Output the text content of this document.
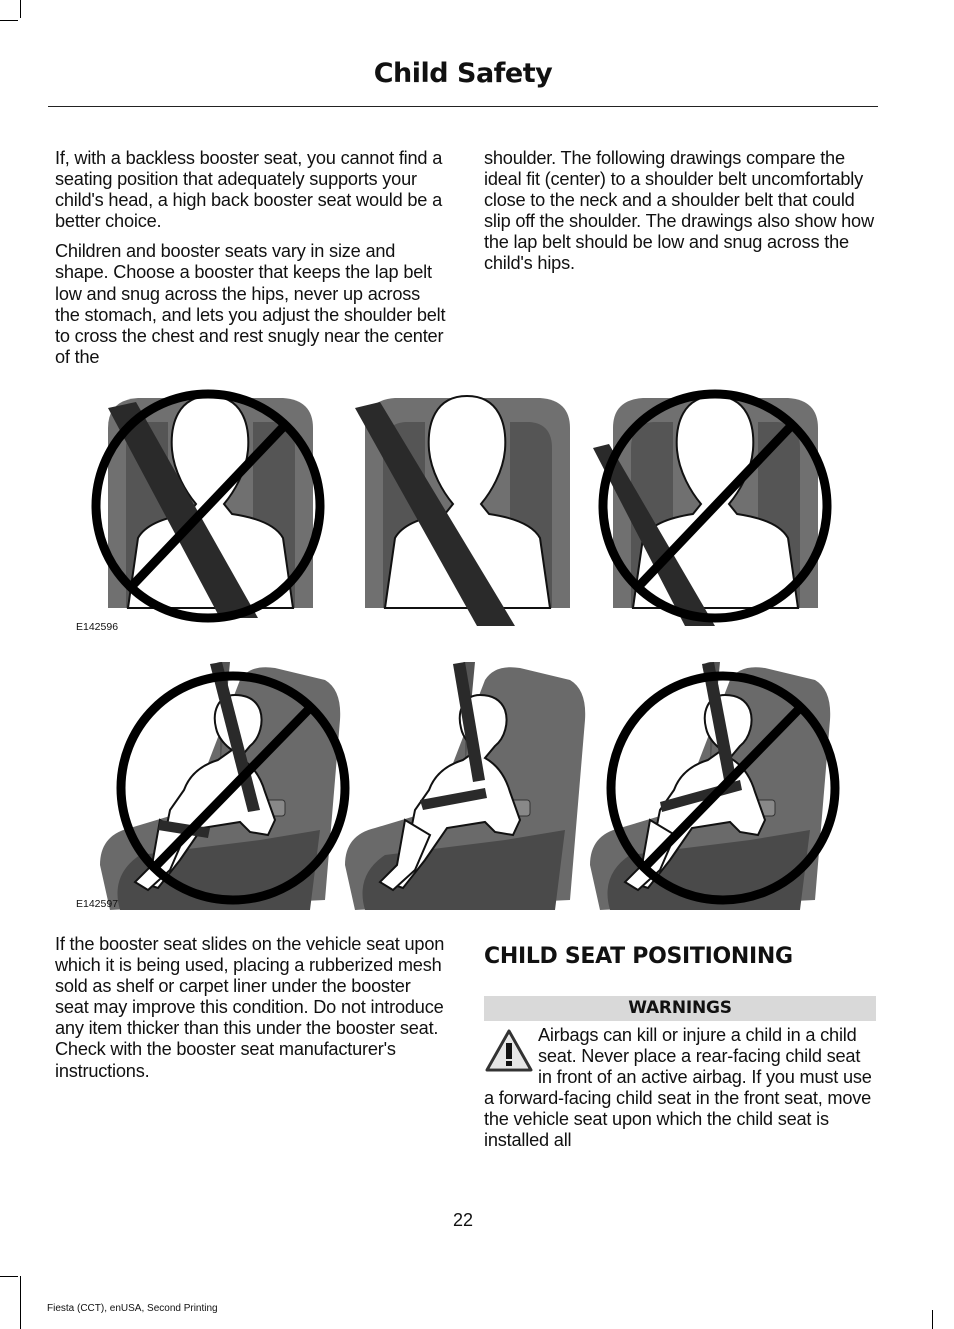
Child Safety

If, with a backless booster seat, you cannot find a seating position that adequately supports your child's head, a high back booster seat would be a better choice.

Children and booster seats vary in size and shape. Choose a booster that keeps the lap belt low and snug across the hips, never up across the stomach, and lets you adjust the shoulder belt to cross the chest and rest snugly near the center of the

shoulder. The following drawings compare the ideal fit (center) to a shoulder belt uncomfortably close to the neck and a shoulder belt that could slip off the shoulder. The drawings also show how the lap belt should be low and snug across the child's hips.

E142596
E142597

If the booster seat slides on the vehicle seat upon which it is being used, placing a rubberized mesh sold as shelf or carpet liner under the booster seat may improve this condition. Do not introduce any item thicker than this under the booster seat. Check with the booster seat manufacturer's instructions.

CHILD SEAT POSITIONING
WARNINGS
Airbags can kill or injure a child in a child seat. Never place a rear-facing child seat in front of an active airbag. If you must use a forward-facing child seat in the front seat, move the vehicle seat upon which the child seat is installed all
22
Fiesta (CCT), enUSA, Second Printing
